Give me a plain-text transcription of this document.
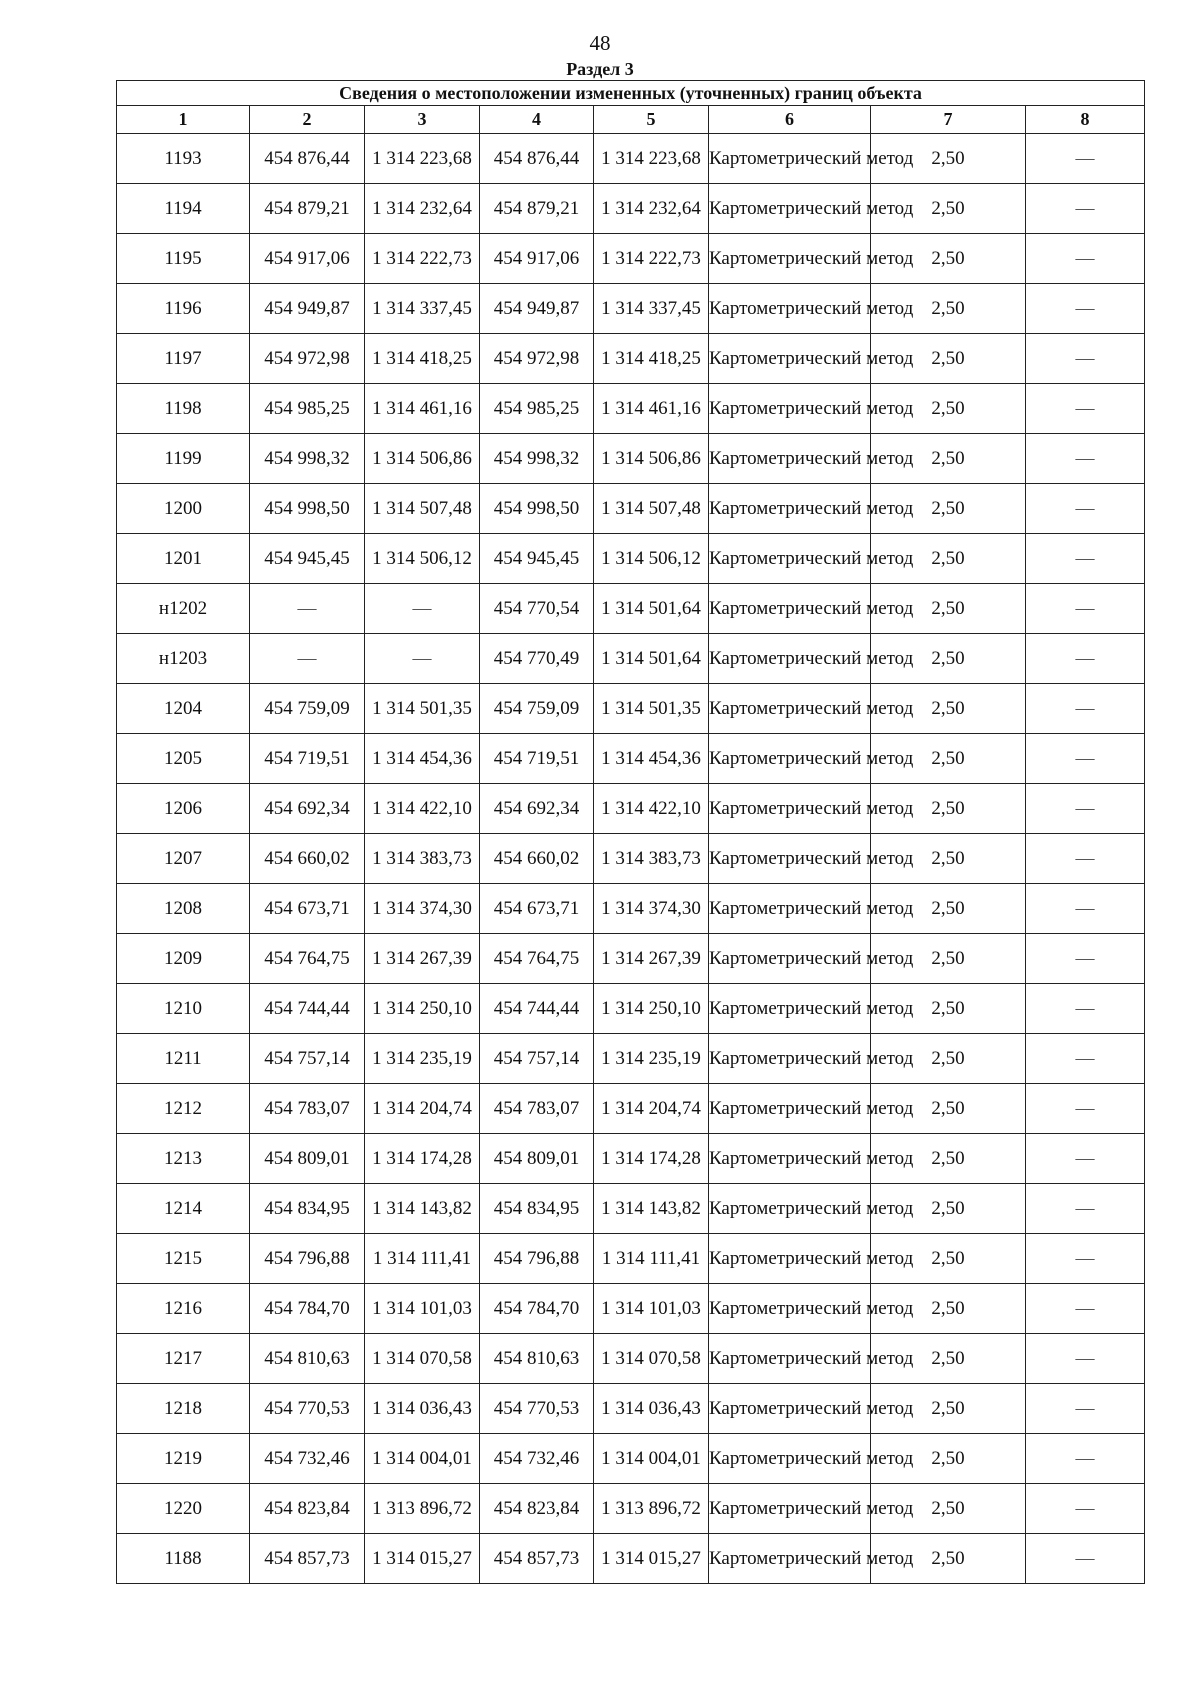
48
Раздел 3
Сведения о местоположении измененных (уточненных) границ объекта							
1	2	3	4	5	6	7	8
1193	454 876,44	1 314 223,68	454 876,44	1 314 223,68	Картометрический метод	2,50	—
1194	454 879,21	1 314 232,64	454 879,21	1 314 232,64	Картометрический метод	2,50	—
1195	454 917,06	1 314 222,73	454 917,06	1 314 222,73	Картометрический метод	2,50	—
1196	454 949,87	1 314 337,45	454 949,87	1 314 337,45	Картометрический метод	2,50	—
1197	454 972,98	1 314 418,25	454 972,98	1 314 418,25	Картометрический метод	2,50	—
1198	454 985,25	1 314 461,16	454 985,25	1 314 461,16	Картометрический метод	2,50	—
1199	454 998,32	1 314 506,86	454 998,32	1 314 506,86	Картометрический метод	2,50	—
1200	454 998,50	1 314 507,48	454 998,50	1 314 507,48	Картометрический метод	2,50	—
1201	454 945,45	1 314 506,12	454 945,45	1 314 506,12	Картометрический метод	2,50	—
н1202	—	—	454 770,54	1 314 501,64	Картометрический метод	2,50	—
н1203	—	—	454 770,49	1 314 501,64	Картометрический метод	2,50	—
1204	454 759,09	1 314 501,35	454 759,09	1 314 501,35	Картометрический метод	2,50	—
1205	454 719,51	1 314 454,36	454 719,51	1 314 454,36	Картометрический метод	2,50	—
1206	454 692,34	1 314 422,10	454 692,34	1 314 422,10	Картометрический метод	2,50	—
1207	454 660,02	1 314 383,73	454 660,02	1 314 383,73	Картометрический метод	2,50	—
1208	454 673,71	1 314 374,30	454 673,71	1 314 374,30	Картометрический метод	2,50	—
1209	454 764,75	1 314 267,39	454 764,75	1 314 267,39	Картометрический метод	2,50	—
1210	454 744,44	1 314 250,10	454 744,44	1 314 250,10	Картометрический метод	2,50	—
1211	454 757,14	1 314 235,19	454 757,14	1 314 235,19	Картометрический метод	2,50	—
1212	454 783,07	1 314 204,74	454 783,07	1 314 204,74	Картометрический метод	2,50	—
1213	454 809,01	1 314 174,28	454 809,01	1 314 174,28	Картометрический метод	2,50	—
1214	454 834,95	1 314 143,82	454 834,95	1 314 143,82	Картометрический метод	2,50	—
1215	454 796,88	1 314 111,41	454 796,88	1 314 111,41	Картометрический метод	2,50	—
1216	454 784,70	1 314 101,03	454 784,70	1 314 101,03	Картометрический метод	2,50	—
1217	454 810,63	1 314 070,58	454 810,63	1 314 070,58	Картометрический метод	2,50	—
1218	454 770,53	1 314 036,43	454 770,53	1 314 036,43	Картометрический метод	2,50	—
1219	454 732,46	1 314 004,01	454 732,46	1 314 004,01	Картометрический метод	2,50	—
1220	454 823,84	1 313 896,72	454 823,84	1 313 896,72	Картометрический метод	2,50	—
1188	454 857,73	1 314 015,27	454 857,73	1 314 015,27	Картометрический метод	2,50	—
